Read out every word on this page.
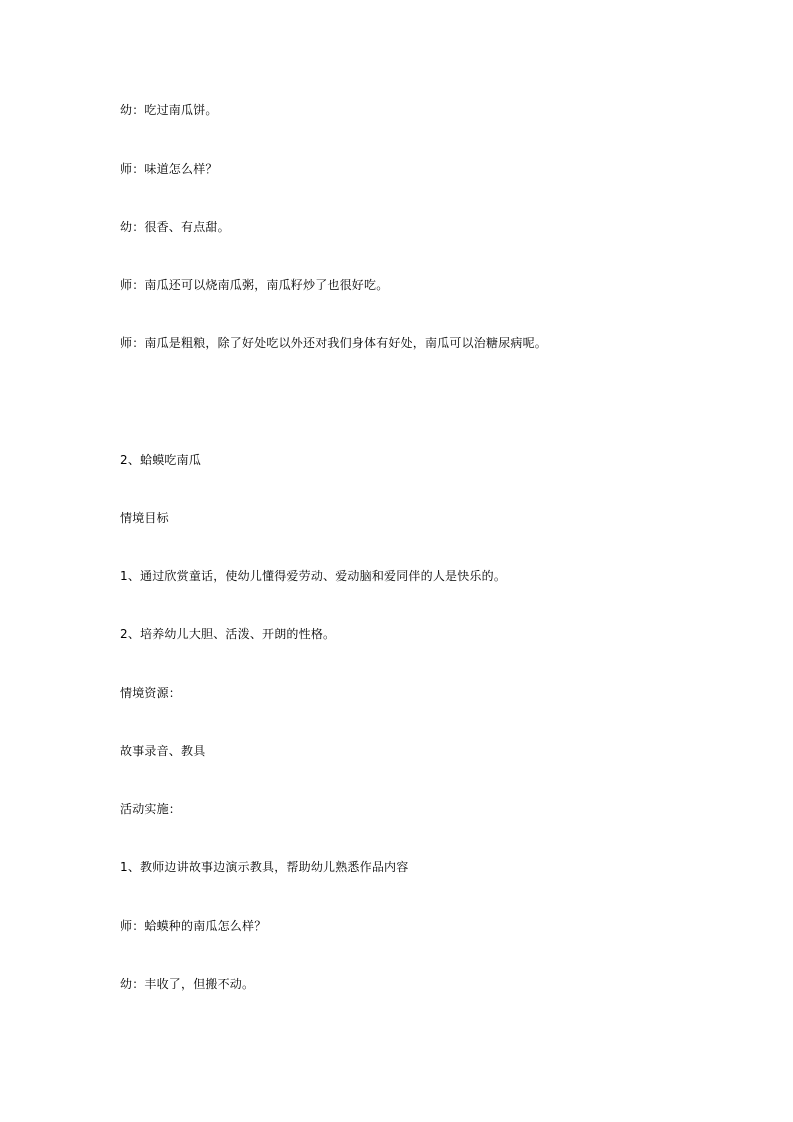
幼：吃过南瓜饼。
师：味道怎么样？
幼：很香、有点甜。
师：南瓜还可以烧南瓜粥，南瓜籽炒了也很好吃。
师：南瓜是粗粮，除了好处吃以外还对我们身体有好处，南瓜可以治糖尿病呢。
2、蛤蟆吃南瓜
情境目标
1、通过欣赏童话，使幼儿懂得爱劳动、爱动脑和爱同伴的人是快乐的。
2、培养幼儿大胆、活泼、开朗的性格。
情境资源：
故事录音、教具
活动实施：
1、教师边讲故事边演示教具，帮助幼儿熟悉作品内容
师：蛤蟆种的南瓜怎么样？
幼：丰收了，但搬不动。
